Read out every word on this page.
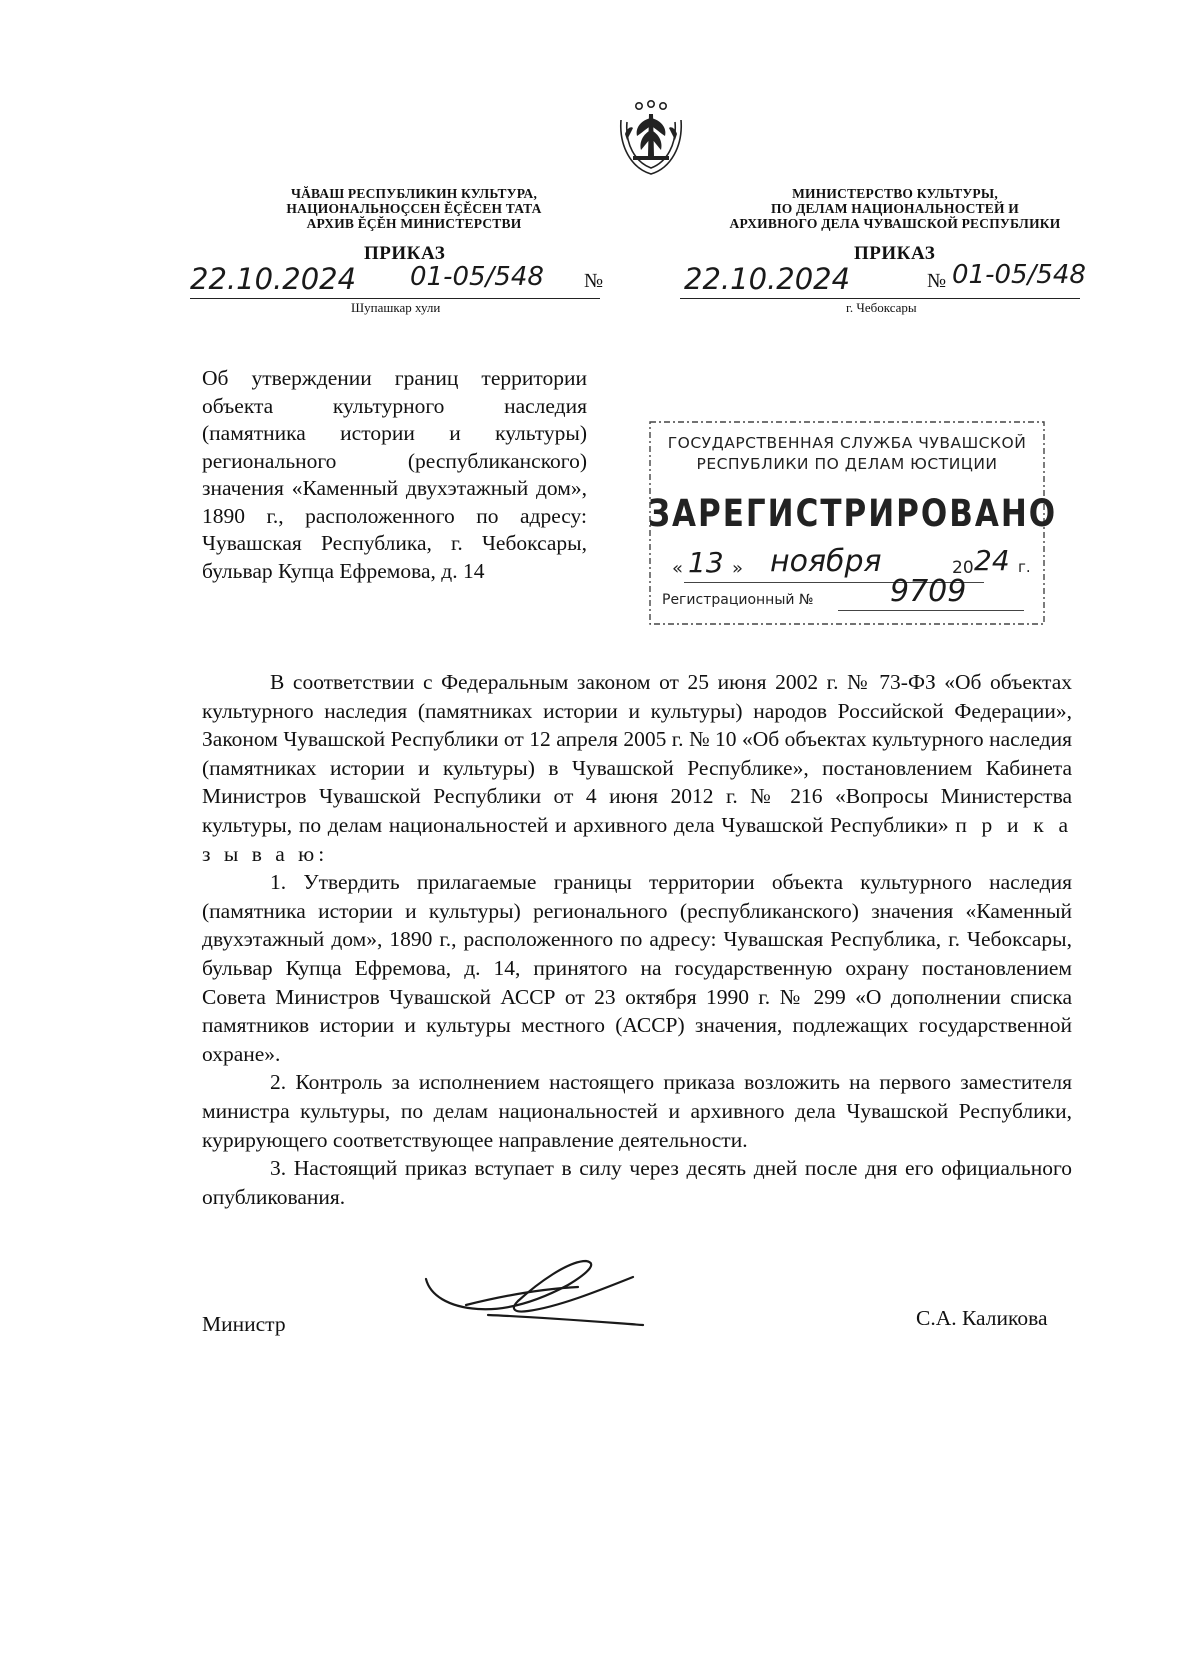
ЧĂВАШ РЕСПУБЛИКИН КУЛЬТУРА,
НАЦИОНАЛЬНОÇСЕН ĔÇĔСЕН ТАТА
АРХИВ ĔÇĔН МИНИСТЕРСТВИ
МИНИСТЕРСТВО КУЛЬТУРЫ,
ПО ДЕЛАМ НАЦИОНАЛЬНОСТЕЙ И
АРХИВНОГО ДЕЛА ЧУВАШСКОЙ РЕСПУБЛИКИ
ПРИКАЗ
22.10.2024 01-05/548 №
Шупашкар хули
ПРИКАЗ
22.10.2024	№ 01-05/548
г. Чебоксары
Об утверждении границ территории объекта культурного наследия (памятника истории и культуры) регионального (республиканского) значения «Каменный двухэтажный дом», 1890 г., расположенного по адресу: Чувашская Республика, г. Чебоксары, бульвар Купца Ефремова, д. 14
ГОСУДАРСТВЕННАЯ СЛУЖБА ЧУВАШСКОЙ
РЕСПУБЛИКИ ПО ДЕЛАМ ЮСТИЦИИ
ЗАРЕГИСТРИРОВАНО
« 13 » ноября	20 24 г.
Регистрационный №	9709

В соответствии с Федеральным законом от 25 июня 2002 г. № 73-ФЗ «Об объектах культурного наследия (памятниках истории и культуры) народов Российской Федерации», Законом Чувашской Республики от 12 апреля 2005 г. № 10 «Об объектах культурного наследия (памятниках истории и культуры) в Чувашской Республике», постановлением Кабинета Министров Чувашской Республики от 4 июня 2012 г. № 216 «Вопросы Министерства культуры, по делам национальностей и архивного дела Чувашской Республики» п р и к а з ы в а ю:

1. Утвердить прилагаемые границы территории объекта культурного наследия (памятника истории и культуры) регионального (республиканского) значения «Каменный двухэтажный дом», 1890 г., расположенного по адресу: Чувашская Республика, г. Чебоксары, бульвар Купца Ефремова, д. 14, принятого на государственную охрану постановлением Совета Министров Чувашской АССР от 23 октября 1990 г. № 299 «О дополнении списка памятников истории и культуры местного (АССР) значения, подлежащих государственной охране».

2. Контроль за исполнением настоящего приказа возложить на первого заместителя министра культуры, по делам национальностей и архивного дела Чувашской Республики, курирующего соответствующее направление деятельности.

3. Настоящий приказ вступает в силу через десять дней после дня его официального опубликования.

Министр	С.А. Каликова
